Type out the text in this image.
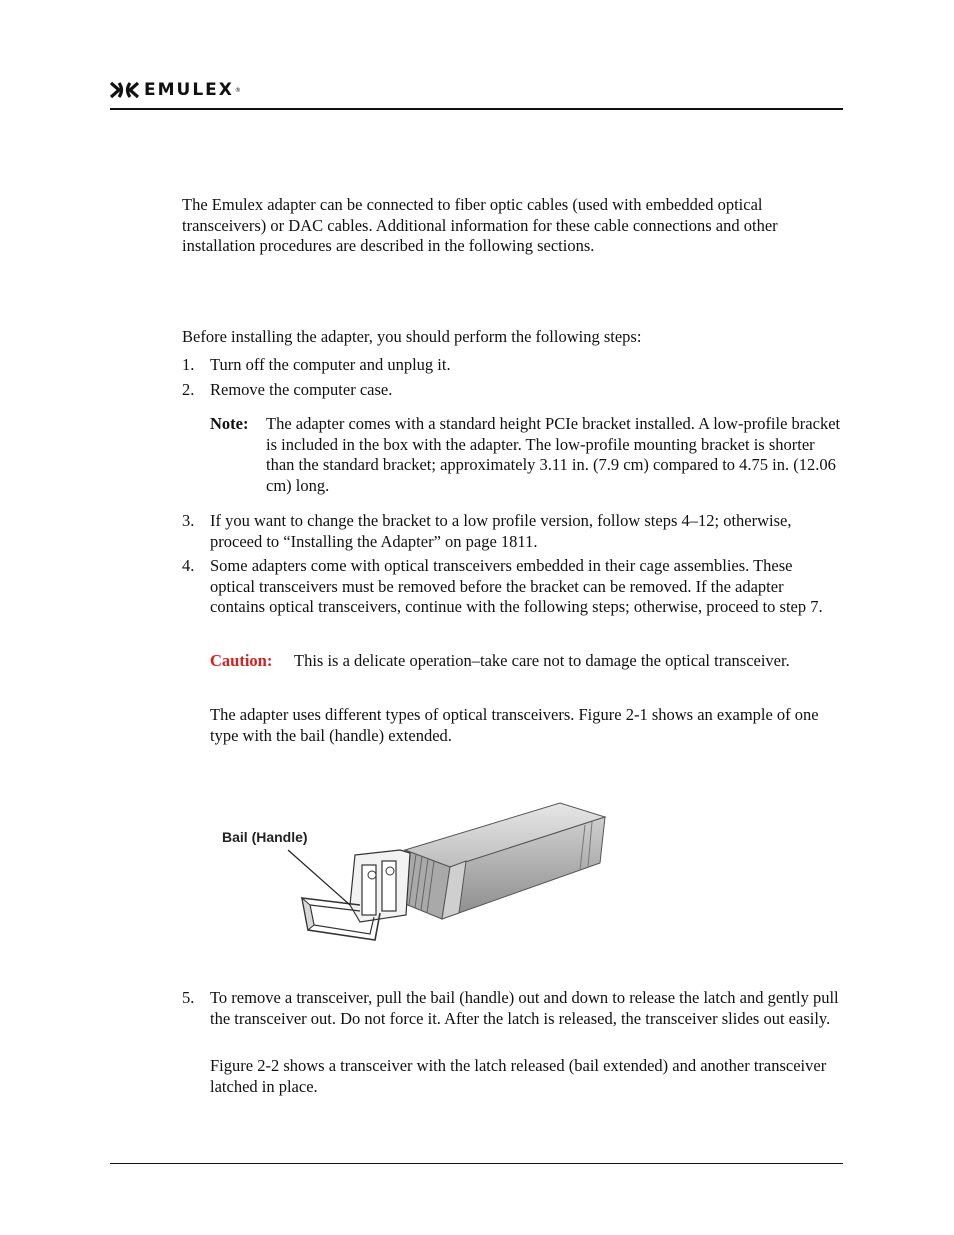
EMULEX ®

The Emulex adapter can be connected to fiber optic cables (used with embedded optical transceivers) or DAC cables. Additional information for these cable connections and other installation procedures are described in the following sections.

Before installing the adapter, you should perform the following steps:

1. Turn off the computer and unplug it.

2. Remove the computer case.

Note: The adapter comes with a standard height PCIe bracket installed. A low-profile bracket is included in the box with the adapter. The low-profile mounting bracket is shorter than the standard bracket; approximately 3.11 in. (7.9 cm) compared to 4.75 in. (12.06 cm) long.

3. If you want to change the bracket to a low profile version, follow steps 4–12; otherwise, proceed to “Installing the Adapter” on page 1811.

4. Some adapters come with optical transceivers embedded in their cage assemblies. These optical transceivers must be removed before the bracket can be removed. If the adapter contains optical transceivers, continue with the following steps; otherwise, proceed to step 7.

Caution: This is a delicate operation–take care not to damage the optical transceiver.

The adapter uses different types of optical transceivers. Figure 2-1 shows an example of one type with the bail (handle) extended.

Bail (Handle)
5. To remove a transceiver, pull the bail (handle) out and down to release the latch and gently pull the transceiver out. Do not force it. After the latch is released, the transceiver slides out easily.

Figure 2-2 shows a transceiver with the latch released (bail extended) and another transceiver latched in place.
